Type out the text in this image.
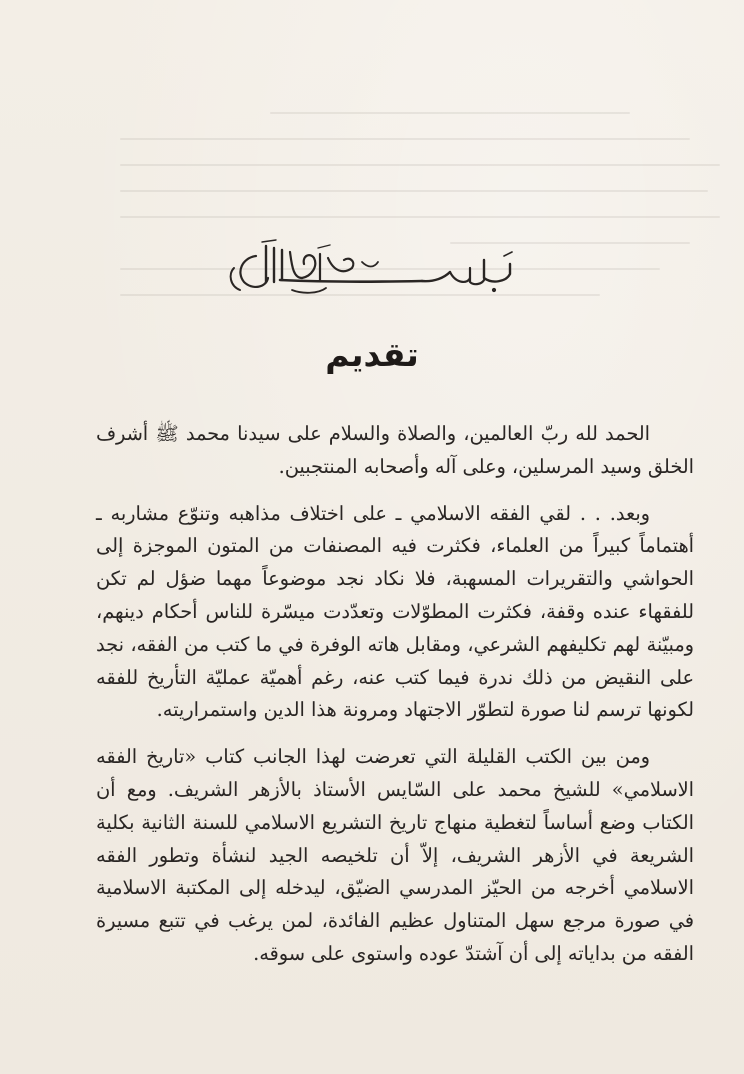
تقديم

الحمد لله ربّ العالمين، والصلاة والسلام على سيدنا محمد ﷺ أشرف الخلق وسيد المرسلين، وعلى آله وأصحابه المنتجبين.

وبعد. . . لقي الفقه الاسلامي ـ على اختلاف مذاهبه وتنوّع مشاربه ـ أهتماماً كبيراً من العلماء، فكثرت فيه المصنفات من المتون الموجزة إلى الحواشي والتقريرات المسهبة، فلا نكاد نجد موضوعاً مهما ضؤل لم تكن للفقهاء عنده وقفة، فكثرت المطوّلات وتعدّدت ميسّرة للناس أحكام دينهم، ومبيّنة لهم تكليفهم الشرعي، ومقابل هاته الوفرة في ما كتب من الفقه، نجد على النقيض من ذلك ندرة فيما كتب عنه، رغم أهميّة عمليّة التأريخ للفقه لكونها ترسم لنا صورة لتطوّر الاجتهاد ومرونة هذا الدين واستمراريته.

ومن بين الكتب القليلة التي تعرضت لهذا الجانب كتاب «تاريخ الفقه الاسلامي» للشيخ محمد على السّايس الأستاذ بالأزهر الشريف. ومع أن الكتاب وضع أساساً لتغطية منهاج تاريخ التشريع الاسلامي للسنة الثانية بكلية الشريعة في الأزهر الشريف، إلاّ أن تلخيصه الجيد لنشأة وتطور الفقه الاسلامي أخرجه من الحيّز المدرسي الضيّق، ليدخله إلى المكتبة الاسلامية في صورة مرجع سهل المتناول عظيم الفائدة، لمن يرغب في تتبع مسيرة الفقه من بداياته إلى أن آشتدّ عوده واستوى على سوقه.
